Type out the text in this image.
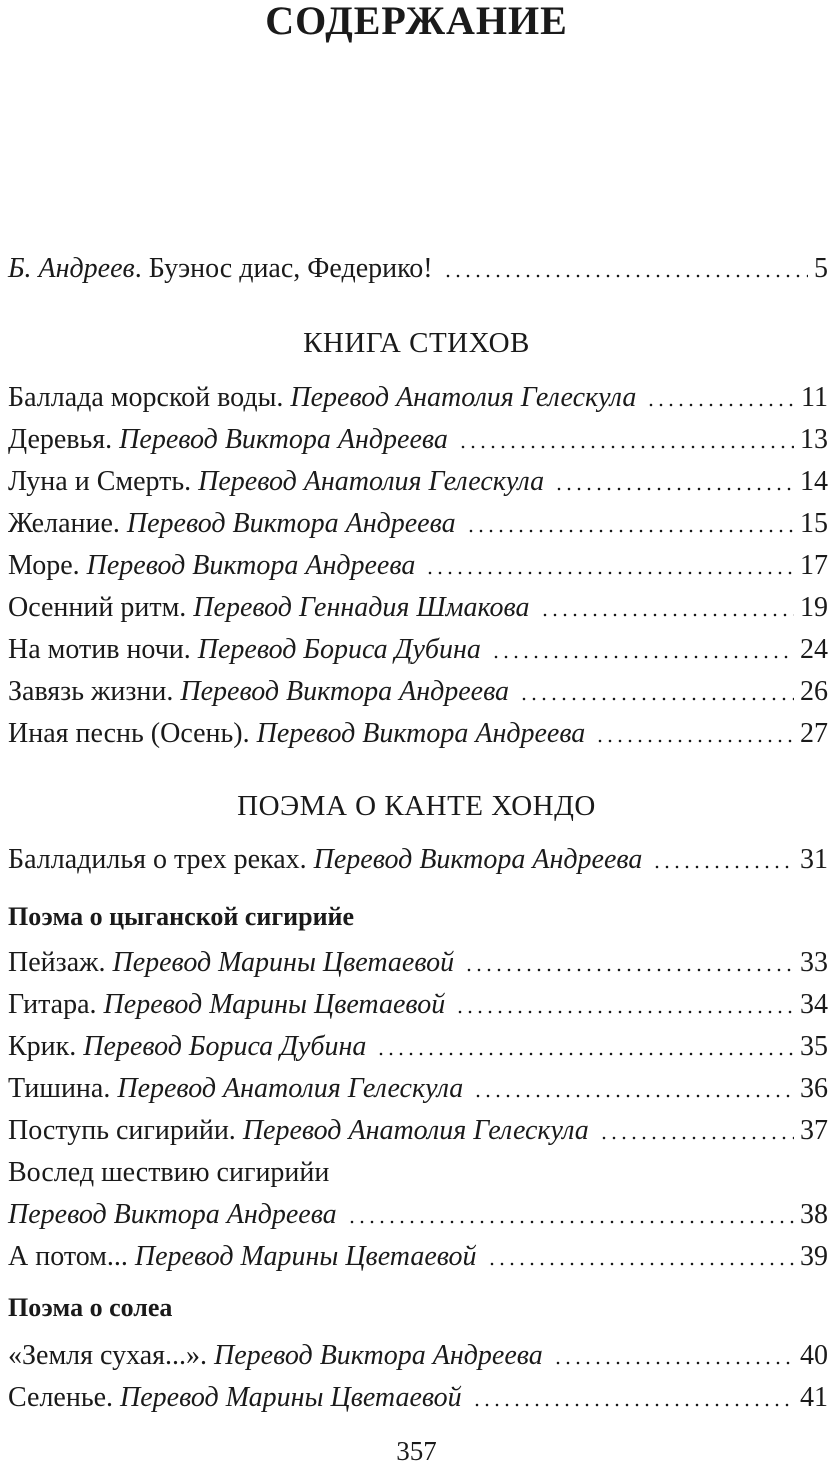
СОДЕРЖАНИЕ
Б. Андреев. Буэнос диас, Федерико!	5
КНИГА СТИХОВ
Баллада морской воды. Перевод Анатолия Гелескула	11
Деревья. Перевод Виктора Андреева	13
Луна и Смерть. Перевод Анатолия Гелескула	14
Желание. Перевод Виктора Андреева	15
Море. Перевод Виктора Андреева	17
Осенний ритм. Перевод Геннадия Шмакова	19
На мотив ночи. Перевод Бориса Дубина	24
Завязь жизни. Перевод Виктора Андреева	26
Иная песнь (Осень). Перевод Виктора Андреева	27
ПОЭМА О КАНТЕ ХОНДО
Балладилья о трех реках. Перевод Виктора Андреева	31
Поэма о цыганской сигирийе
Пейзаж. Перевод Марины Цветаевой	33
Гитара. Перевод Марины Цветаевой	34
Крик. Перевод Бориса Дубина	35
Тишина. Перевод Анатолия Гелескула	36
Поступь сигирийи. Перевод Анатолия Гелескула	37
Вослед шествию сигирийи
Перевод Виктора Андреева	38
А потом... Перевод Марины Цветаевой	39
Поэма о солеа
«Земля сухая...». Перевод Виктора Андреева	40
Селенье. Перевод Марины Цветаевой	41
357
